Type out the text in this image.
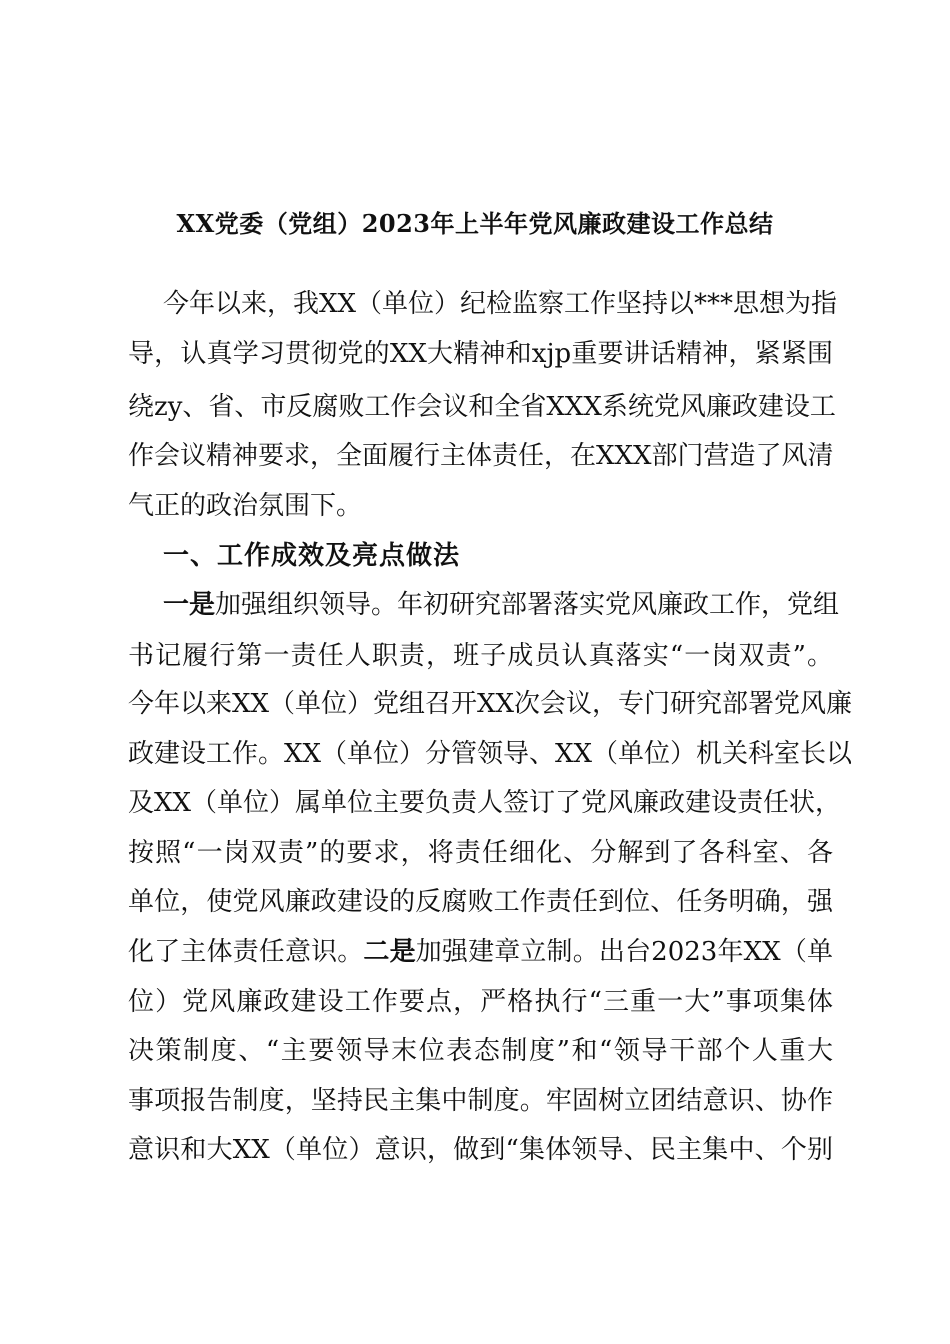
XX党委（党组）2023年上半年党风廉政建设工作总结
今年以来，我XX（单位）纪检监察工作坚持以***思想为指
导，认真学习贯彻党的XX大精神和xjp重要讲话精神，紧紧围
绕zy、省、市反腐败工作会议和全省XXX系统党风廉政建设工
作会议精神要求，全面履行主体责任，在XXX部门营造了风清
气正的政治氛围下。
一、工作成效及亮点做法
一是加强组织领导。年初研究部署落实党风廉政工作，党组
书记履行第一责任人职责，班子成员认真落实“一岗双责”。
今年以来XX（单位）党组召开XX次会议，专门研究部署党风廉
政建设工作。XX（单位）分管领导、XX（单位）机关科室长以
及XX（单位）属单位主要负责人签订了党风廉政建设责任状，
按照“一岗双责”的要求，将责任细化、分解到了各科室、各
单位，使党风廉政建设的反腐败工作责任到位、任务明确，强
化了主体责任意识。二是加强建章立制。出台2023年XX（单
位）党风廉政建设工作要点，严格执行“三重一大”事项集体
决策制度、“主要领导末位表态制度”和“领导干部个人重大
事项报告制度，坚持民主集中制度。牢固树立团结意识、协作
意识和大XX（单位）意识，做到“集体领导、民主集中、个别
